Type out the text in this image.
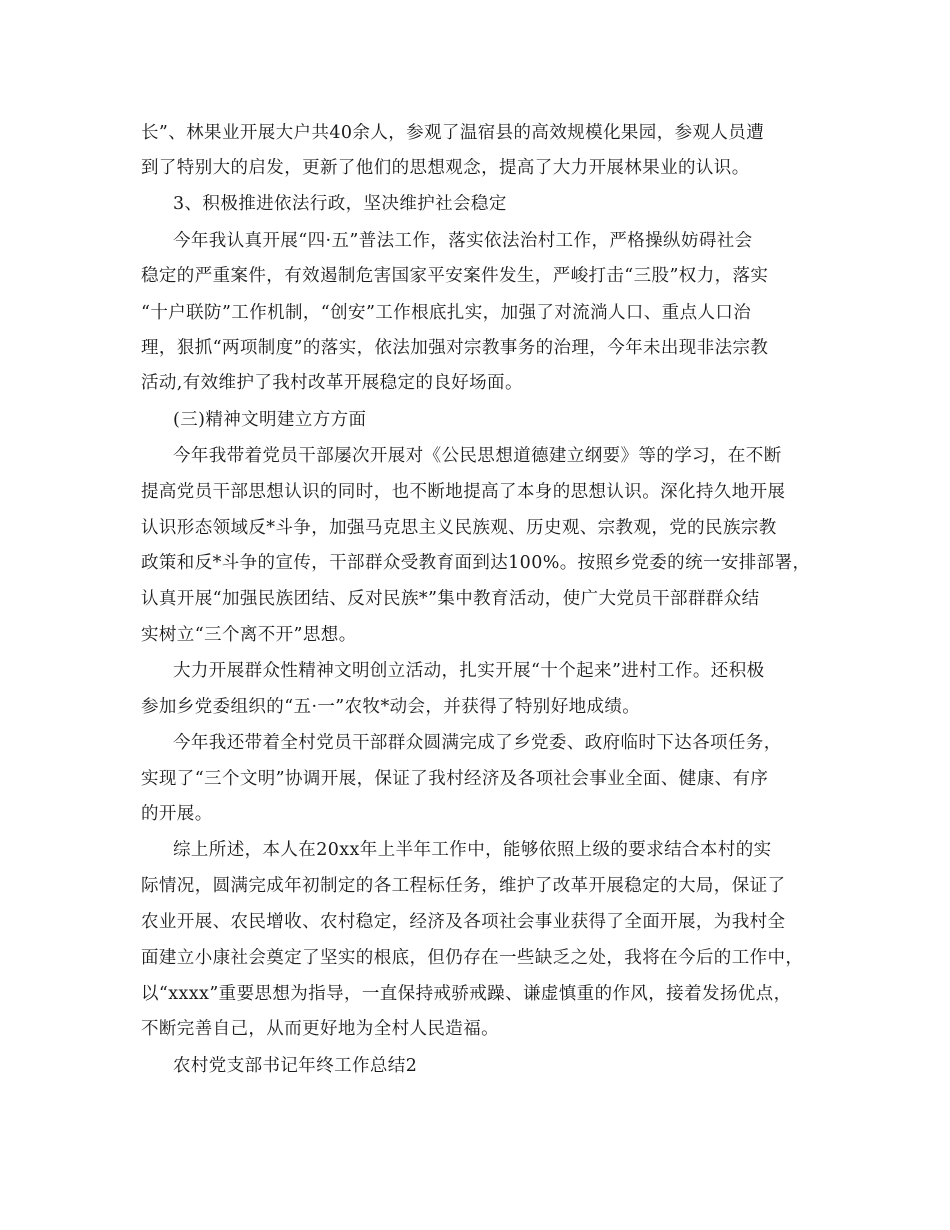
长”、林果业开展大户共40余人，参观了温宿县的高效规模化果园，参观人员遭
到了特别大的启发，更新了他们的思想观念，提高了大力开展林果业的认识。
3、积极推进依法行政，坚决维护社会稳定
今年我认真开展“四·五”普法工作，落实依法治村工作，严格操纵妨碍社会
稳定的严重案件，有效遏制危害国家平安案件发生，严峻打击“三股”权力，落实
“十户联防”工作机制，“创安”工作根底扎实，加强了对流淌人口、重点人口治
理，狠抓“两项制度”的落实，依法加强对宗教事务的治理，今年未出现非法宗教
活动,有效维护了我村改革开展稳定的良好场面。
(三)精神文明建立方方面
今年我带着党员干部屡次开展对《公民思想道德建立纲要》等的学习，在不断
提高党员干部思想认识的同时，也不断地提高了本身的思想认识。深化持久地开展
认识形态领域反*斗争，加强马克思主义民族观、历史观、宗教观，党的民族宗教
政策和反*斗争的宣传，干部群众受教育面到达100%。按照乡党委的统一安排部署，
认真开展“加强民族团结、反对民族*”集中教育活动，使广大党员干部群群众结
实树立“三个离不开”思想。
大力开展群众性精神文明创立活动，扎实开展“十个起来”进村工作。还积极
参加乡党委组织的“五·一”农牧*动会，并获得了特别好地成绩。
今年我还带着全村党员干部群众圆满完成了乡党委、政府临时下达各项任务，
实现了“三个文明”协调开展，保证了我村经济及各项社会事业全面、健康、有序
的开展。
综上所述，本人在20xx年上半年工作中，能够依照上级的要求结合本村的实
际情况，圆满完成年初制定的各工程标任务，维护了改革开展稳定的大局，保证了
农业开展、农民增收、农村稳定，经济及各项社会事业获得了全面开展，为我村全
面建立小康社会奠定了坚实的根底，但仍存在一些缺乏之处，我将在今后的工作中，
以“xxxx”重要思想为指导，一直保持戒骄戒躁、谦虚慎重的作风，接着发扬优点，
不断完善自己，从而更好地为全村人民造福。
农村党支部书记年终工作总结2
